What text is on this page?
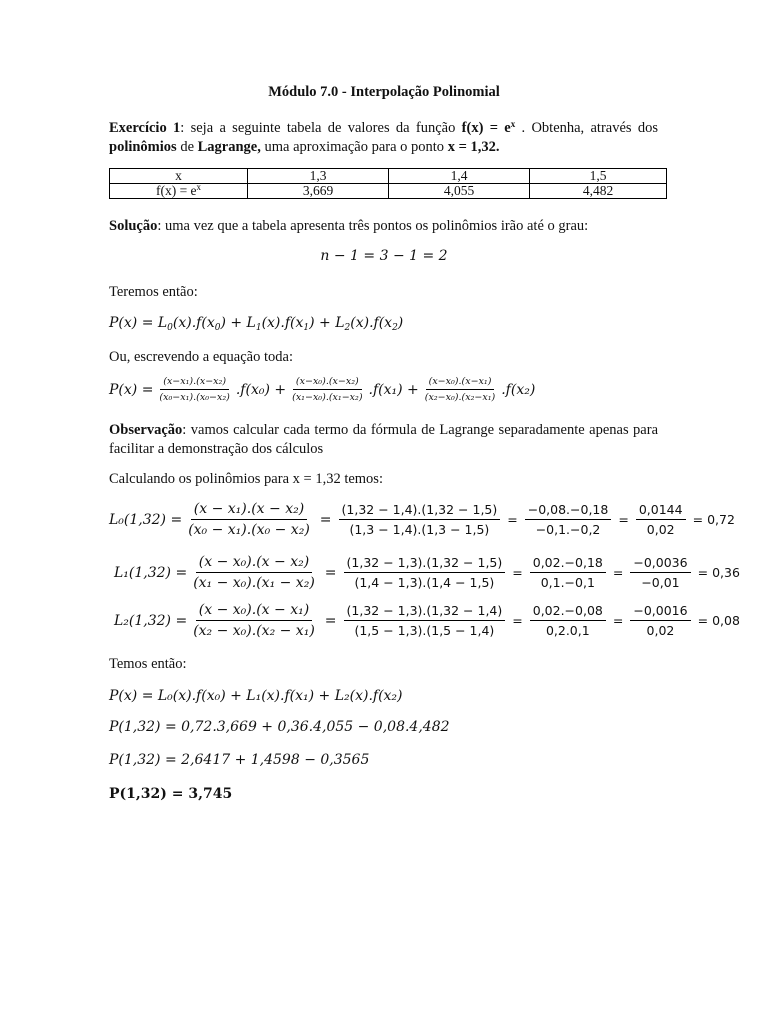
Módulo 7.0 - Interpolação Polinomial
Exercício 1: seja a seguinte tabela de valores da função $f(x) = e^x$ . Obtenha, através dos polinômios de Lagrange, uma aproximação para o ponto x = 1,32.
x	1,3	1,4	1,5
$f(x) = e^x$	3,669	4,055	4,482
Solução: uma vez que a tabela apresenta três pontos os polinômios irão até o grau:
n − 1 = 3 − 1 = 2
Teremos então:
$P(x) = L_0(x).f(x_0) + L_1(x).f(x_1) + L_2(x).f(x_2)$
Ou, escrevendo a equação toda:
$P(x) = \frac{\text{(x−x₁).(x−x₂)}}{\text{(x₀−x₁).(x₀−x₂)}} .f(x_0) + \frac{\text{(x−x₀).(x−x₂)}}{\text{(x₁−x₀).(x₁−x₂)}} .f(x_1) + \frac{\text{(x−x₀).(x−x₁)}}{\text{(x₂−x₀).(x₂−x₁)}} .f(x_2)$
Observação: vamos calcular cada termo da fórmula de Lagrange separadamente apenas para facilitar a demonstração dos cálculos
Calculando os polinômios para x = 1,32 temos:
$L_0(1,32) = \frac{\text{(x − x₁).(x − x₂)}}{\text{(x₀ − x₁).(x₀ − x₂)}} = \frac{(1,32 - 1,4).(1,32 - 1,5)}{(1,3 - 1,4).(1,3 - 1,5)} = \frac{-0,08.-0,18}{-0,1.-0,2} = \frac{0,0144}{0,02} = 0,72$
$L_1(1,32) = \frac{\text{(x − x₀).(x − x₂)}}{\text{(x₁ − x₀).(x₁ − x₂)}} = \frac{(1,32 - 1,3).(1,32 - 1,5)}{(1,4 - 1,3).(1,4 - 1,5)} = \frac{0,02.-0,18}{0,1.-0,1} = \frac{-0,0036}{-0,01} = 0,36$
$L_2(1,32) = \frac{\text{(x − x₀).(x − x₁)}}{\text{(x₂ − x₀).(x₂ − x₁)}} = \frac{(1,32 - 1,3).(1,32 - 1,4)}{(1,5 - 1,3).(1,5 - 1,4)} = \frac{0,02.-0,08}{0,2.0,1} = \frac{-0,0016}{0,02} = 0,08$
Temos então:
P(x) = L₀(x).f(x₀) + L₁(x).f(x₁) + L₂(x).f(x₂)
P(1,32) = 0,72.3,669 + 0,36.4,055 − 0,08.4,482
P(1,32) = 2,6417 + 1,4598 − 0,3565
P(1,32) = 3,745
